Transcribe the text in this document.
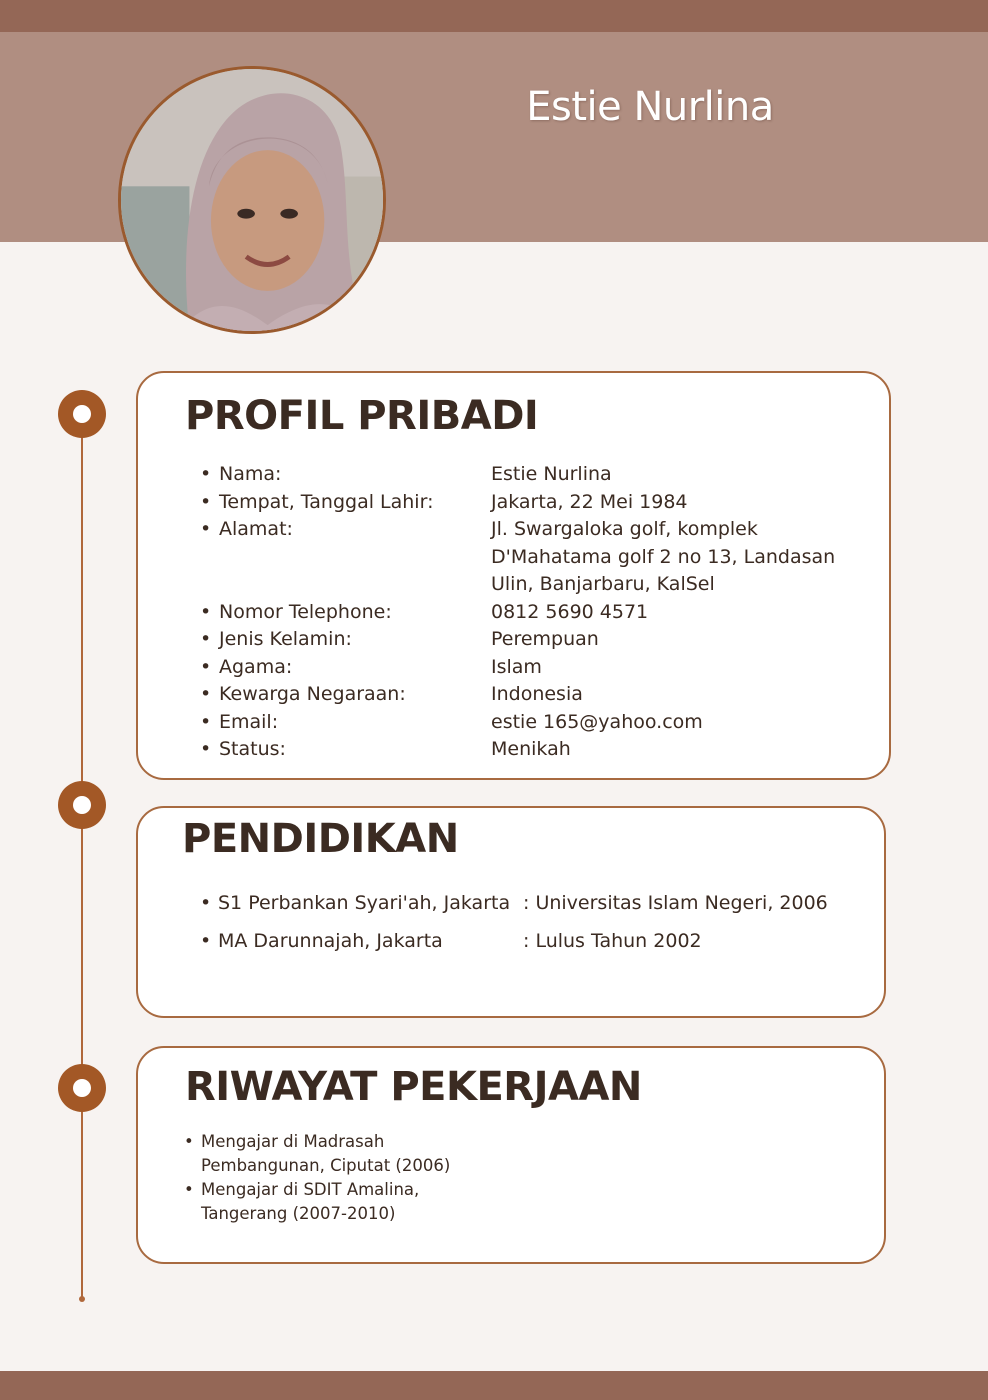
Estie Nurlina
PROFIL PRIBADI
• Nama:	Estie Nurlina
• Tempat, Tanggal Lahir:	Jakarta, 22 Mei 1984
• Alamat:	Jl. Swargaloka golf, komplek
D'Mahatama golf 2 no 13, Landasan
Ulin, Banjarbaru, KalSel
• Nomor Telephone:	0812 5690 4571
• Jenis Kelamin:	Perempuan
• Agama:	Islam
• Kewarga Negaraan:	Indonesia
• Email:	estie 165@yahoo.com
• Status:	Menikah
PENDIDIKAN
• S1 Perbankan Syari'ah, Jakarta : Universitas Islam Negeri, 2006
• MA Darunnajah, Jakarta	: Lulus Tahun 2002
RIWAYAT PEKERJAAN
• Mengajar di Madrasah
Pembangunan, Ciputat (2006)
• Mengajar di SDIT Amalina,
Tangerang (2007-2010)
